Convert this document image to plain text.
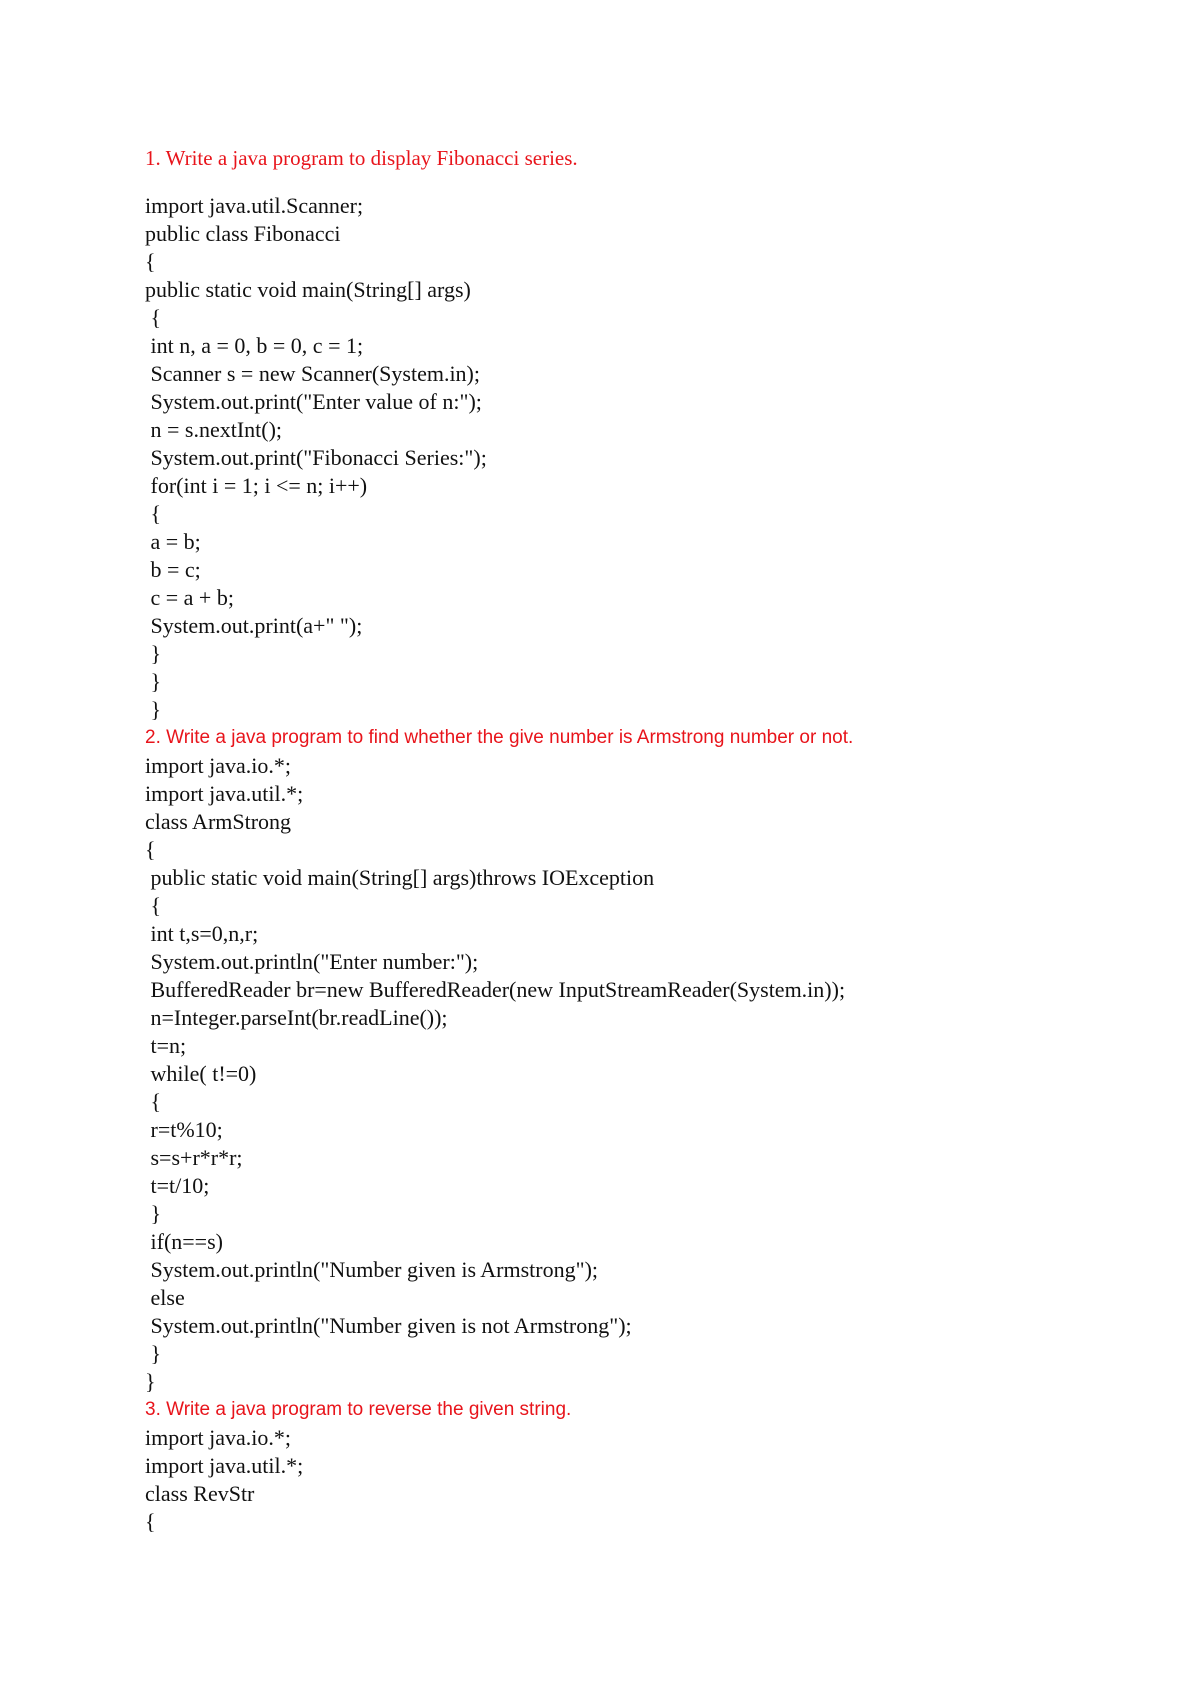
1. Write a java program to display Fibonacci series.
import java.util.Scanner;
public class Fibonacci
{
public static void main(String[] args)
{
int n, a = 0, b = 0, c = 1;
Scanner s = new Scanner(System.in);
System.out.print("Enter value of n:");
n = s.nextInt();
System.out.print("Fibonacci Series:");
for(int i = 1; i <= n; i++)
{
a = b;
b = c;
c = a + b;
System.out.print(a+" ");
}
}
}
2. Write a java program to find whether the give number is Armstrong number or not.
import java.io.*;
import java.util.*;
class ArmStrong
{
public static void main(String[] args)throws IOException
{
int t,s=0,n,r;
System.out.println("Enter number:");
BufferedReader br=new BufferedReader(new InputStreamReader(System.in));
n=Integer.parseInt(br.readLine());
t=n;
while( t!=0)
{
r=t%10;
s=s+r*r*r;
t=t/10;
}
if(n==s)
System.out.println("Number given is Armstrong");
else
System.out.println("Number given is not Armstrong");
}
}
3. Write a java program to reverse the given string.
import java.io.*;
import java.util.*;
class RevStr
{
